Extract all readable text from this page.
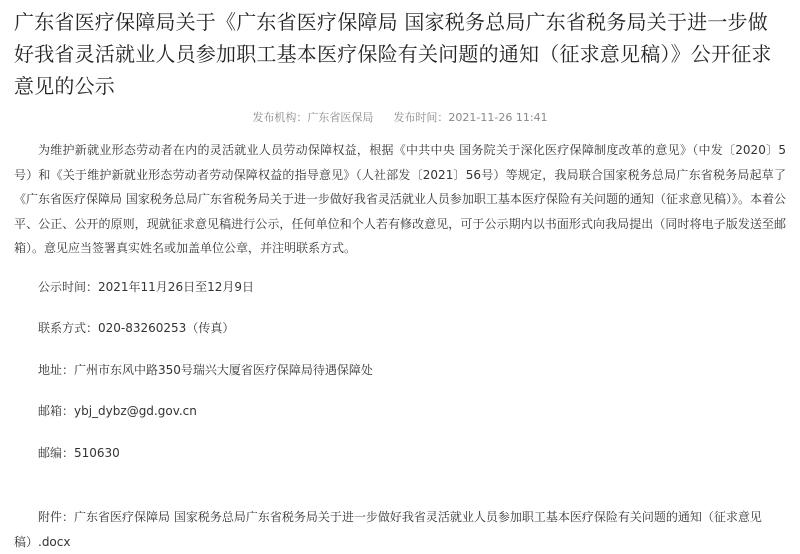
广东省医疗保障局关于《广东省医疗保障局 国家税务总局广东省税务局关于进一步做好我省灵活就业人员参加职工基本医疗保险有关问题的通知（征求意见稿）》公开征求意见的公示
发布机构：广东省医保局 发布时间：2021-11-26 11:41

为维护新就业形态劳动者在内的灵活就业人员劳动保障权益，根据《中共中央 国务院关于深化医疗保障制度改革的意见》（中发〔2020〕5号）和《关于维护新就业形态劳动者劳动保障权益的指导意见》（人社部发〔2021〕56号）等规定，我局联合国家税务总局广东省税务局起草了《广东省医疗保障局 国家税务总局广东省税务局关于进一步做好我省灵活就业人员参加职工基本医疗保险有关问题的通知（征求意见稿）》。本着公平、公正、公开的原则，现就征求意见稿进行公示，任何单位和个人若有修改意见，可于公示期内以书面形式向我局提出（同时将电子版发送至邮箱）。意见应当签署真实姓名或加盖单位公章，并注明联系方式。

公示时间：2021年11月26日至12月9日

联系方式：020-83260253（传真）

地址：广州市东风中路350号瑞兴大厦省医疗保障局待遇保障处

邮箱：ybj_dybz@gd.gov.cn

邮编：510630

附件：广东省医疗保障局 国家税务总局广东省税务局关于进一步做好我省灵活就业人员参加职工基本医疗保险有关问题的通知（征求意见稿）.docx
